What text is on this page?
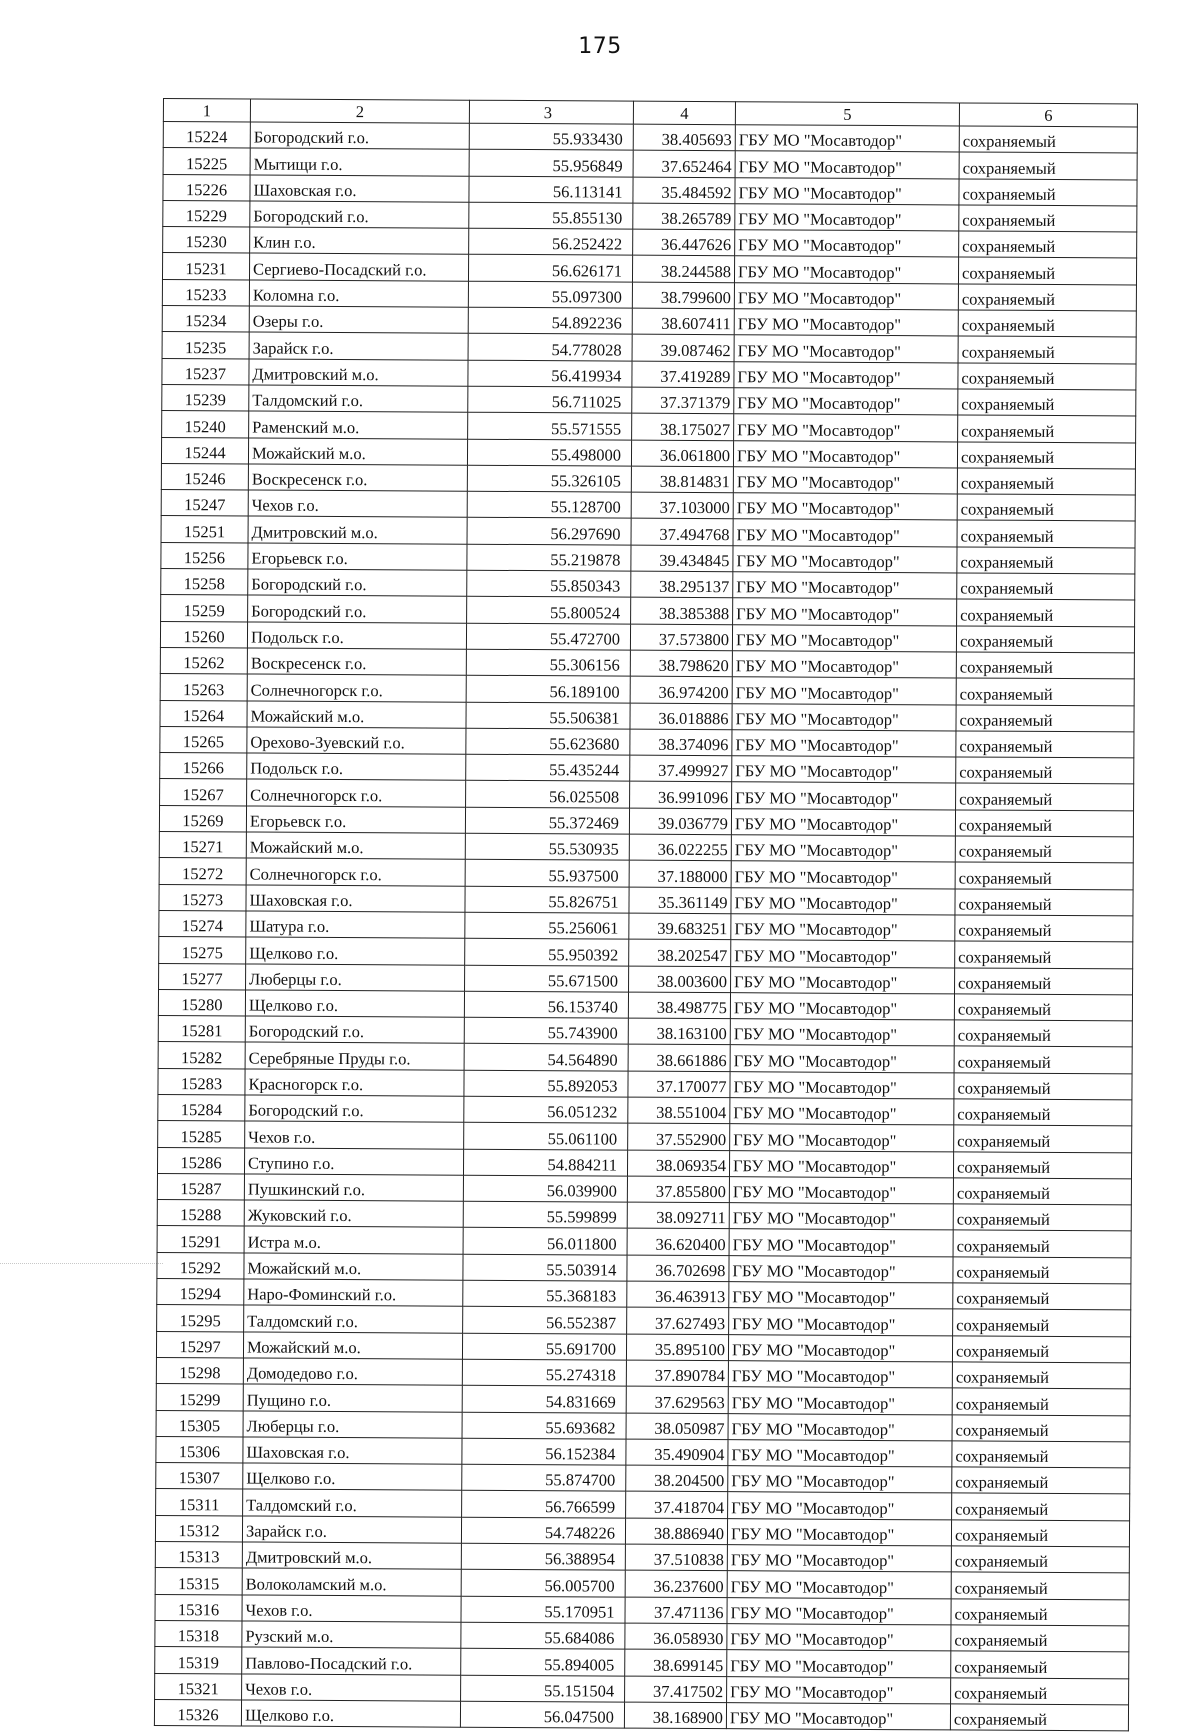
175
1	2	3	4	5	6
15224	Богородский г.о.	55.933430	38.405693	ГБУ МО "Мосавтодор"	сохраняемый
15225	Мытищи г.о.	55.956849	37.652464	ГБУ МО "Мосавтодор"	сохраняемый
15226	Шаховская г.о.	56.113141	35.484592	ГБУ МО "Мосавтодор"	сохраняемый
15229	Богородский г.о.	55.855130	38.265789	ГБУ МО "Мосавтодор"	сохраняемый
15230	Клин г.о.	56.252422	36.447626	ГБУ МО "Мосавтодор"	сохраняемый
15231	Сергиево-Посадский г.о.	56.626171	38.244588	ГБУ МО "Мосавтодор"	сохраняемый
15233	Коломна г.о.	55.097300	38.799600	ГБУ МО "Мосавтодор"	сохраняемый
15234	Озеры г.о.	54.892236	38.607411	ГБУ МО "Мосавтодор"	сохраняемый
15235	Зарайск г.о.	54.778028	39.087462	ГБУ МО "Мосавтодор"	сохраняемый
15237	Дмитровский м.о.	56.419934	37.419289	ГБУ МО "Мосавтодор"	сохраняемый
15239	Талдомский г.о.	56.711025	37.371379	ГБУ МО "Мосавтодор"	сохраняемый
15240	Раменский м.о.	55.571555	38.175027	ГБУ МО "Мосавтодор"	сохраняемый
15244	Можайский м.о.	55.498000	36.061800	ГБУ МО "Мосавтодор"	сохраняемый
15246	Воскресенск г.о.	55.326105	38.814831	ГБУ МО "Мосавтодор"	сохраняемый
15247	Чехов г.о.	55.128700	37.103000	ГБУ МО "Мосавтодор"	сохраняемый
15251	Дмитровский м.о.	56.297690	37.494768	ГБУ МО "Мосавтодор"	сохраняемый
15256	Егорьевск г.о.	55.219878	39.434845	ГБУ МО "Мосавтодор"	сохраняемый
15258	Богородский г.о.	55.850343	38.295137	ГБУ МО "Мосавтодор"	сохраняемый
15259	Богородский г.о.	55.800524	38.385388	ГБУ МО "Мосавтодор"	сохраняемый
15260	Подольск г.о.	55.472700	37.573800	ГБУ МО "Мосавтодор"	сохраняемый
15262	Воскресенск г.о.	55.306156	38.798620	ГБУ МО "Мосавтодор"	сохраняемый
15263	Солнечногорск г.о.	56.189100	36.974200	ГБУ МО "Мосавтодор"	сохраняемый
15264	Можайский м.о.	55.506381	36.018886	ГБУ МО "Мосавтодор"	сохраняемый
15265	Орехово-Зуевский г.о.	55.623680	38.374096	ГБУ МО "Мосавтодор"	сохраняемый
15266	Подольск г.о.	55.435244	37.499927	ГБУ МО "Мосавтодор"	сохраняемый
15267	Солнечногорск г.о.	56.025508	36.991096	ГБУ МО "Мосавтодор"	сохраняемый
15269	Егорьевск г.о.	55.372469	39.036779	ГБУ МО "Мосавтодор"	сохраняемый
15271	Можайский м.о.	55.530935	36.022255	ГБУ МО "Мосавтодор"	сохраняемый
15272	Солнечногорск г.о.	55.937500	37.188000	ГБУ МО "Мосавтодор"	сохраняемый
15273	Шаховская г.о.	55.826751	35.361149	ГБУ МО "Мосавтодор"	сохраняемый
15274	Шатура г.о.	55.256061	39.683251	ГБУ МО "Мосавтодор"	сохраняемый
15275	Щелково г.о.	55.950392	38.202547	ГБУ МО "Мосавтодор"	сохраняемый
15277	Люберцы г.о.	55.671500	38.003600	ГБУ МО "Мосавтодор"	сохраняемый
15280	Щелково г.о.	56.153740	38.498775	ГБУ МО "Мосавтодор"	сохраняемый
15281	Богородский г.о.	55.743900	38.163100	ГБУ МО "Мосавтодор"	сохраняемый
15282	Серебряные Пруды г.о.	54.564890	38.661886	ГБУ МО "Мосавтодор"	сохраняемый
15283	Красногорск г.о.	55.892053	37.170077	ГБУ МО "Мосавтодор"	сохраняемый
15284	Богородский г.о.	56.051232	38.551004	ГБУ МО "Мосавтодор"	сохраняемый
15285	Чехов г.о.	55.061100	37.552900	ГБУ МО "Мосавтодор"	сохраняемый
15286	Ступино г.о.	54.884211	38.069354	ГБУ МО "Мосавтодор"	сохраняемый
15287	Пушкинский г.о.	56.039900	37.855800	ГБУ МО "Мосавтодор"	сохраняемый
15288	Жуковский г.о.	55.599899	38.092711	ГБУ МО "Мосавтодор"	сохраняемый
15291	Истра м.о.	56.011800	36.620400	ГБУ МО "Мосавтодор"	сохраняемый
15292	Можайский м.о.	55.503914	36.702698	ГБУ МО "Мосавтодор"	сохраняемый
15294	Наро-Фоминский г.о.	55.368183	36.463913	ГБУ МО "Мосавтодор"	сохраняемый
15295	Талдомский г.о.	56.552387	37.627493	ГБУ МО "Мосавтодор"	сохраняемый
15297	Можайский м.о.	55.691700	35.895100	ГБУ МО "Мосавтодор"	сохраняемый
15298	Домодедово г.о.	55.274318	37.890784	ГБУ МО "Мосавтодор"	сохраняемый
15299	Пущино г.о.	54.831669	37.629563	ГБУ МО "Мосавтодор"	сохраняемый
15305	Люберцы г.о.	55.693682	38.050987	ГБУ МО "Мосавтодор"	сохраняемый
15306	Шаховская г.о.	56.152384	35.490904	ГБУ МО "Мосавтодор"	сохраняемый
15307	Щелково г.о.	55.874700	38.204500	ГБУ МО "Мосавтодор"	сохраняемый
15311	Талдомский г.о.	56.766599	37.418704	ГБУ МО "Мосавтодор"	сохраняемый
15312	Зарайск г.о.	54.748226	38.886940	ГБУ МО "Мосавтодор"	сохраняемый
15313	Дмитровский м.о.	56.388954	37.510838	ГБУ МО "Мосавтодор"	сохраняемый
15315	Волоколамский м.о.	56.005700	36.237600	ГБУ МО "Мосавтодор"	сохраняемый
15316	Чехов г.о.	55.170951	37.471136	ГБУ МО "Мосавтодор"	сохраняемый
15318	Рузский м.о.	55.684086	36.058930	ГБУ МО "Мосавтодор"	сохраняемый
15319	Павлово-Посадский г.о.	55.894005	38.699145	ГБУ МО "Мосавтодор"	сохраняемый
15321	Чехов г.о.	55.151504	37.417502	ГБУ МО "Мосавтодор"	сохраняемый
15326	Щелково г.о.	56.047500	38.168900	ГБУ МО "Мосавтодор"	сохраняемый
